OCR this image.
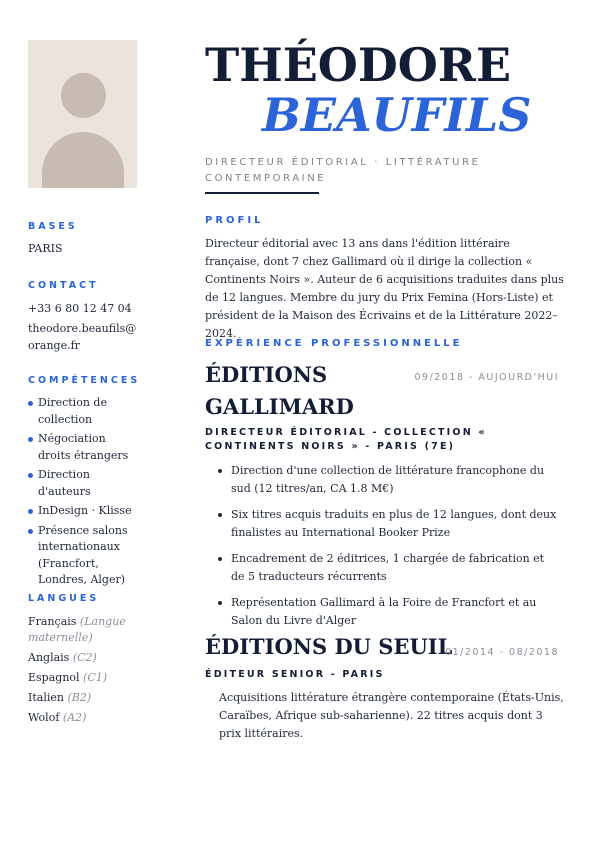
BASES
PARIS
CONTACT
+33 6 80 12 47 04
theodore.beaufils@orange.fr
COMPÉTENCES
Direction de collection
Négociation droits étrangers
Direction d'auteurs
InDesign · Klisse
Présence salons internationaux (Francfort, Londres, Alger)
LANGUES
Français (Langue maternelle)
Anglais (C2)
Espagnol (C1)
Italien (B2)
Wolof (A2)
THÉODORE
BEAUFILS
DIRECTEUR ÉDITORIAL · LITTÉRATURE CONTEMPORAINE
PROFIL
Directeur éditorial avec 13 ans dans l'édition littéraire française, dont 7 chez Gallimard où il dirige la collection « Continents Noirs ». Auteur de 6 acquisitions traduites dans plus de 12 langues. Membre du jury du Prix Femina (Hors-Liste) et président de la Maison des Écrivains et de la Littérature 2022–2024.
EXPÉRIENCE PROFESSIONNELLE
ÉDITIONS
GALLIMARD
09/2018 - AUJOURD'HUI
DIRECTEUR ÉDITORIAL - COLLECTION « CONTINENTS NOIRS » - PARIS (7E)
Direction d'une collection de littérature francophone du sud (12 titres/an, CA 1.8 M€)
Six titres acquis traduits en plus de 12 langues, dont deux finalistes au International Booker Prize
Encadrement de 2 éditrices, 1 chargée de fabrication et de 5 traducteurs récurrents
Représentation Gallimard à la Foire de Francfort et au Salon du Livre d'Alger
ÉDITIONS DU SEUIL
01/2014 - 08/2018
ÉDITEUR SENIOR - PARIS
Acquisitions littérature étrangère contemporaine (États-Unis, Caraïbes, Afrique sub-saharienne). 22 titres acquis dont 3 prix littéraires.
